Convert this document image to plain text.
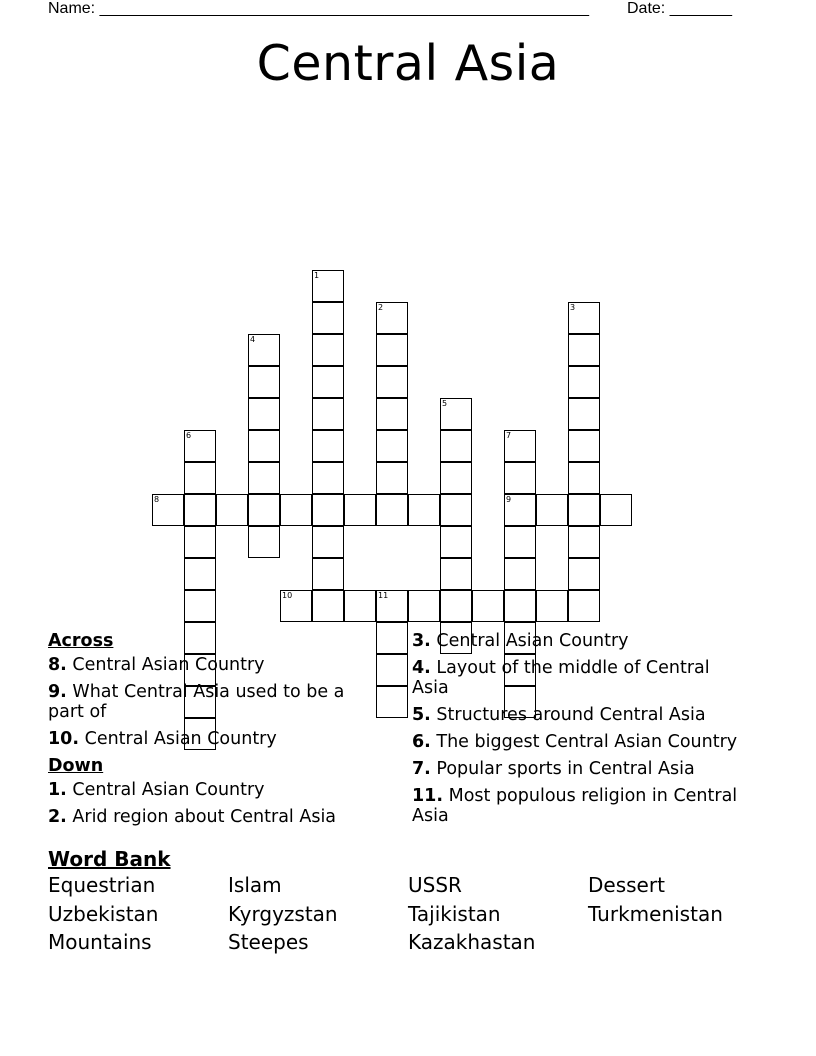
Name: _______________________________________________________ Date: _______
Central Asia
1
2	3
4
5
6	7
9
8
10	11
Across
8. Central Asian Country
9. What Central Asia used to be a part of
10. Central Asian Country
Down
1. Central Asian Country
2. Arid region about Central Asia
3. Central Asian Country
4. Layout of the middle of Central Asia
5. Structures around Central Asia
6. The biggest Central Asian Country
7. Popular sports in Central Asia
11. Most populous religion in Central Asia
Word Bank
Equestrian	Islam	USSR	Dessert
Uzbekistan	Kyrgyzstan	Tajikistan	Turkmenistan
Mountains	Steepes	Kazakhastan
